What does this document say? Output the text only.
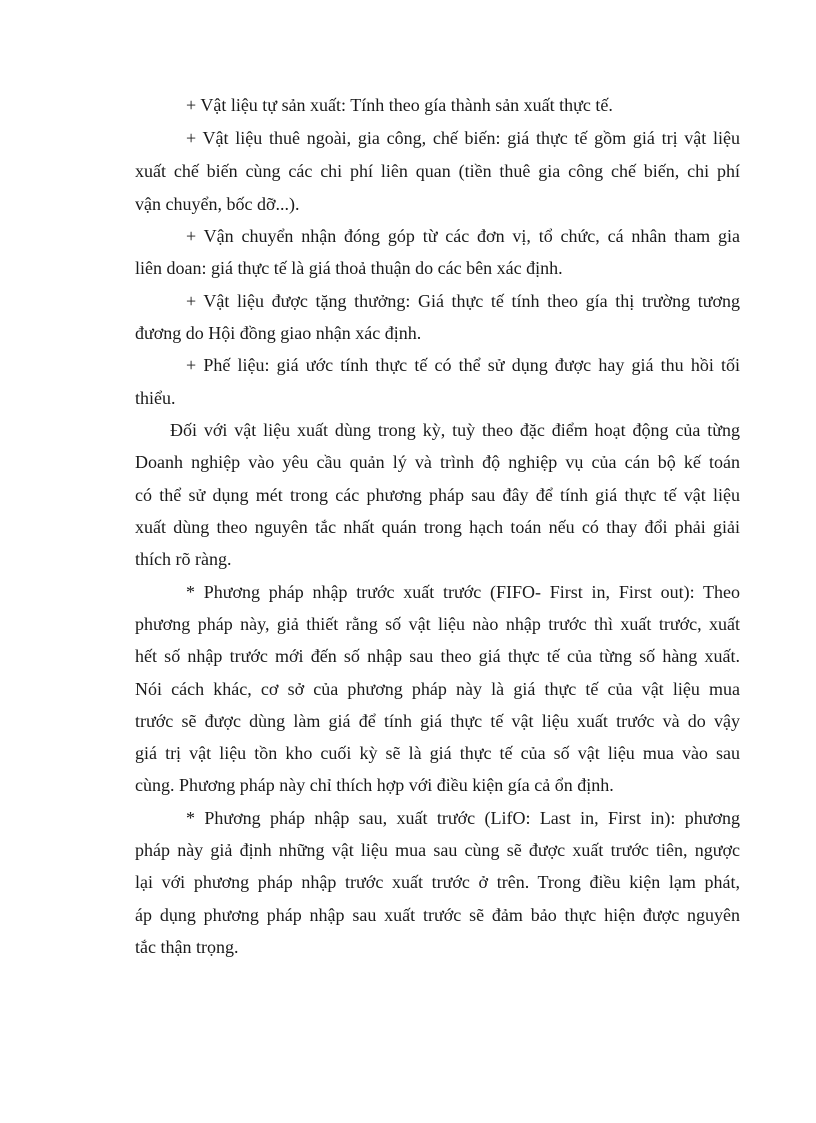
+ Vật liệu tự sản xuất: Tính theo gía thành sản xuất thực tế.
+ Vật liệu thuê ngoài, gia công, chế biến: giá thực tế gồm giá trị vật liệu
xuất chế biến cùng các chi phí liên quan (tiền thuê gia công chế biến, chi phí
vận chuyển, bốc dỡ...).
+ Vận chuyển nhận đóng góp từ các đơn vị, tổ chức, cá nhân tham gia
liên doan: giá thực tế là giá thoả thuận do các bên xác định.
+ Vật liệu được tặng thưởng: Giá thực tế tính theo gía thị trường tương
đương do Hội đồng giao nhận xác định.
+ Phế liệu: giá ước tính thực tế có thể sử dụng được hay giá thu hồi tối
thiểu.
Đối với vật liệu xuất dùng trong kỳ, tuỳ theo đặc điểm hoạt động của từng
Doanh nghiệp vào yêu cầu quản lý và trình độ nghiệp vụ của cán bộ kế toán
có thể sử dụng mét trong các phương pháp sau đây để tính giá thực tế vật liệu
xuất dùng theo nguyên tắc nhất quán trong hạch toán nếu có thay đổi phải giải
thích rõ ràng.
* Phương pháp nhập trước xuất trước (FIFO- First in, First out): Theo
phương pháp này, giả thiết rằng số vật liệu nào nhập trước thì xuất trước, xuất
hết số nhập trước mới đến số nhập sau theo giá thực tế của từng số hàng xuất.
Nói cách khác, cơ sở của phương pháp này là giá thực tế của vật liệu mua
trước sẽ được dùng làm giá để tính giá thực tế vật liệu xuất trước và do vậy
giá trị vật liệu tồn kho cuối kỳ sẽ là giá thực tế của số vật liệu mua vào sau
cùng. Phương pháp này chỉ thích hợp với điều kiện gía cả ổn định.
* Phương pháp nhập sau, xuất trước (LifO: Last in, First in): phương
pháp này giả định những vật liệu mua sau cùng sẽ được xuất trước tiên, ngược
lại với phương pháp nhập trước xuất trước ở trên. Trong điều kiện lạm phát,
áp dụng phương pháp nhập sau xuất trước sẽ đảm bảo thực hiện được nguyên
tắc thận trọng.
